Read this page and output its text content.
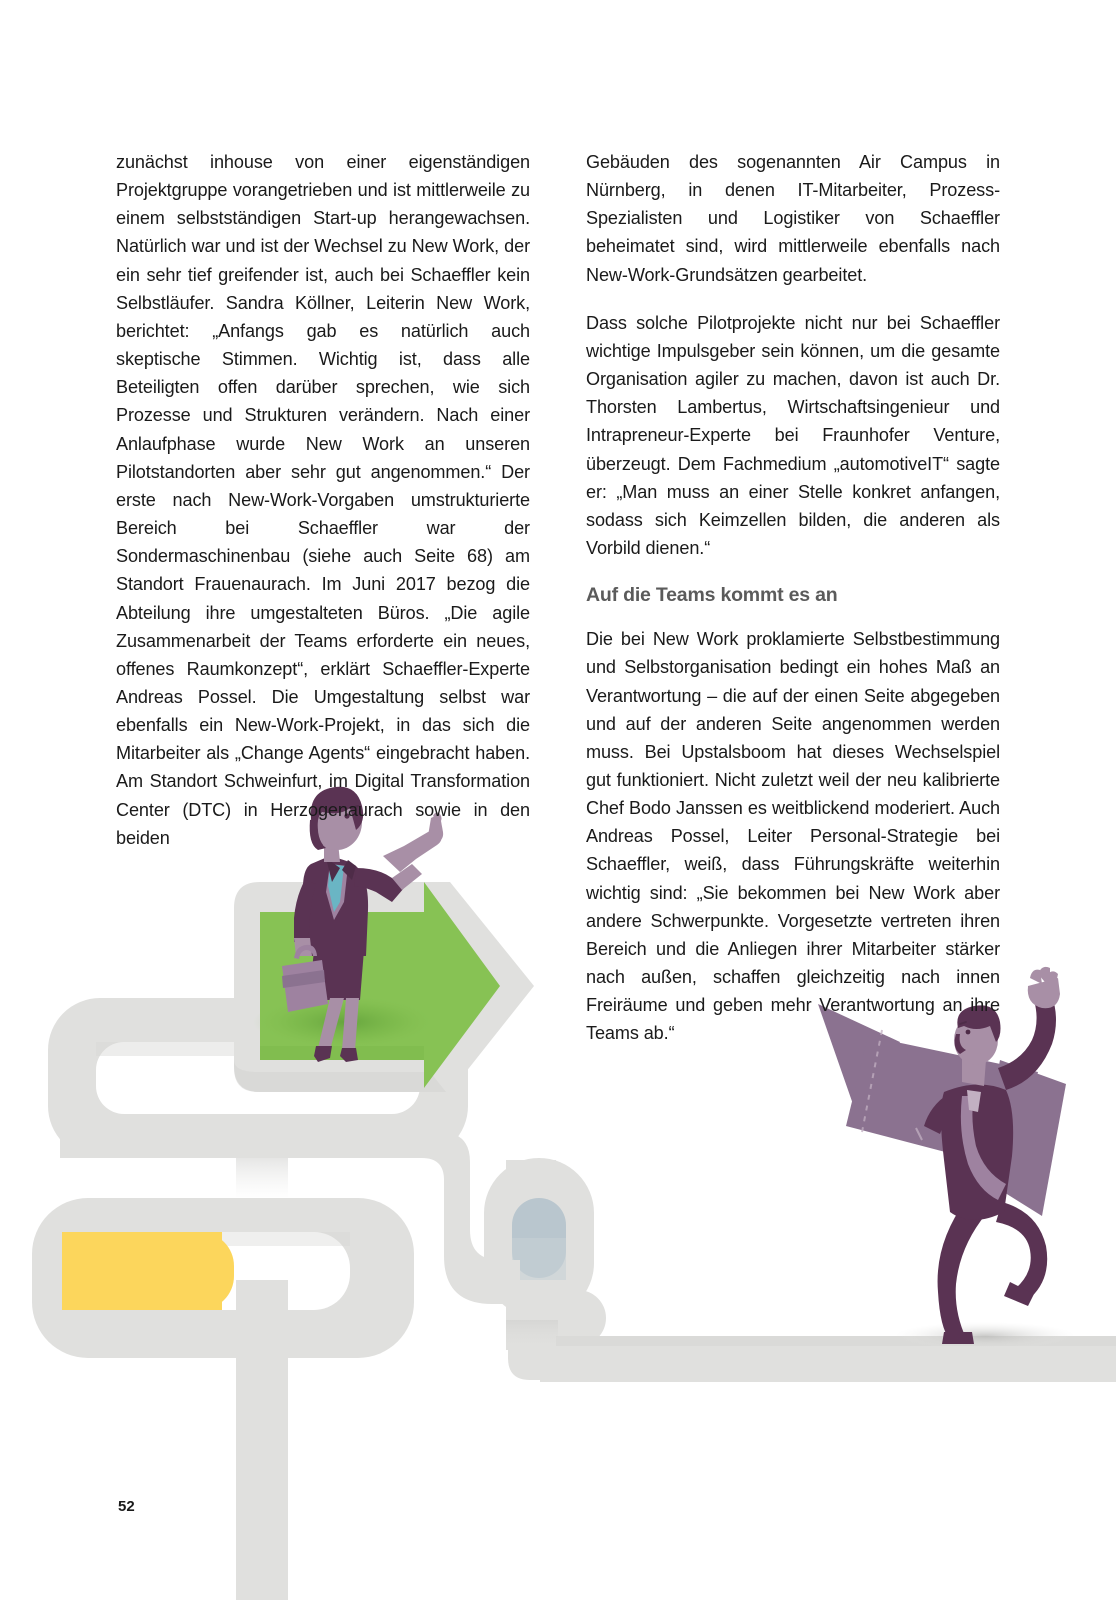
zunächst inhouse von einer eigenständigen Projektgruppe vorangetrieben und ist mittlerweile zu einem selbstständigen Start-up herangewachsen. Natürlich war und ist der Wechsel zu New Work, der ein sehr tief greifender ist, auch bei Schaeffler kein Selbstläufer. Sandra Köllner, Leiterin New Work, berichtet: „Anfangs gab es natürlich auch skeptische Stimmen. Wichtig ist, dass alle Beteiligten offen darüber sprechen, wie sich Prozesse und Strukturen verändern. Nach einer Anlaufphase wurde New Work an unseren Pilotstandorten aber sehr gut angenommen.“ Der erste nach New-Work-Vorgaben umstrukturierte Bereich bei Schaeffler war der Sondermaschinenbau (siehe auch Seite 68) am Standort Frauenaurach. Im Juni 2017 bezog die Abteilung ihre umgestalteten Büros. „Die agile Zusammenarbeit der Teams erforderte ein neues, offenes Raumkonzept“, erklärt Schaeffler-Experte Andreas Possel. Die Umgestaltung selbst war ebenfalls ein New-Work-Projekt, in das sich die Mitarbeiter als „Change Agents“ eingebracht haben. Am Standort Schweinfurt, im Digital Transformation Center (DTC) in Herzogenaurach sowie in den beiden

Gebäuden des sogenannten Air Campus in Nürnberg, in denen IT-Mitarbeiter, Prozess-Spezialisten und Logistiker von Schaeffler beheimatet sind, wird mittlerweile ebenfalls nach New-Work-Grundsätzen gearbeitet.

Dass solche Pilotprojekte nicht nur bei Schaeffler wichtige Impulsgeber sein können, um die gesamte Organisation agiler zu machen, davon ist auch Dr. Thorsten Lambertus, Wirtschaftsingenieur und Intrapreneur-Experte bei Fraunhofer Venture, überzeugt. Dem Fachmedium „automotiveIT“ sagte er: „Man muss an einer Stelle konkret anfangen, sodass sich Keimzellen bilden, die anderen als Vorbild dienen.“

Auf die Teams kommt es an

Die bei New Work proklamierte Selbstbestimmung und Selbstorganisation bedingt ein hohes Maß an Verantwortung – die auf der einen Seite abgegeben und auf der anderen Seite angenommen werden muss. Bei Upstalsboom hat dieses Wechselspiel gut funktioniert. Nicht zuletzt weil der neu kalibrierte Chef Bodo Janssen es weitblickend moderiert. Auch Andreas Possel, Leiter Personal-Strategie bei Schaeffler, weiß, dass Führungskräfte weiterhin wichtig sind: „Sie bekommen bei New Work aber andere Schwerpunkte. Vorgesetzte vertreten ihren Bereich und die Anliegen ihrer Mitarbeiter stärker nach außen, schaffen gleichzeitig nach innen Freiräume und geben mehr Verantwortung an ihre Teams ab.“

52
